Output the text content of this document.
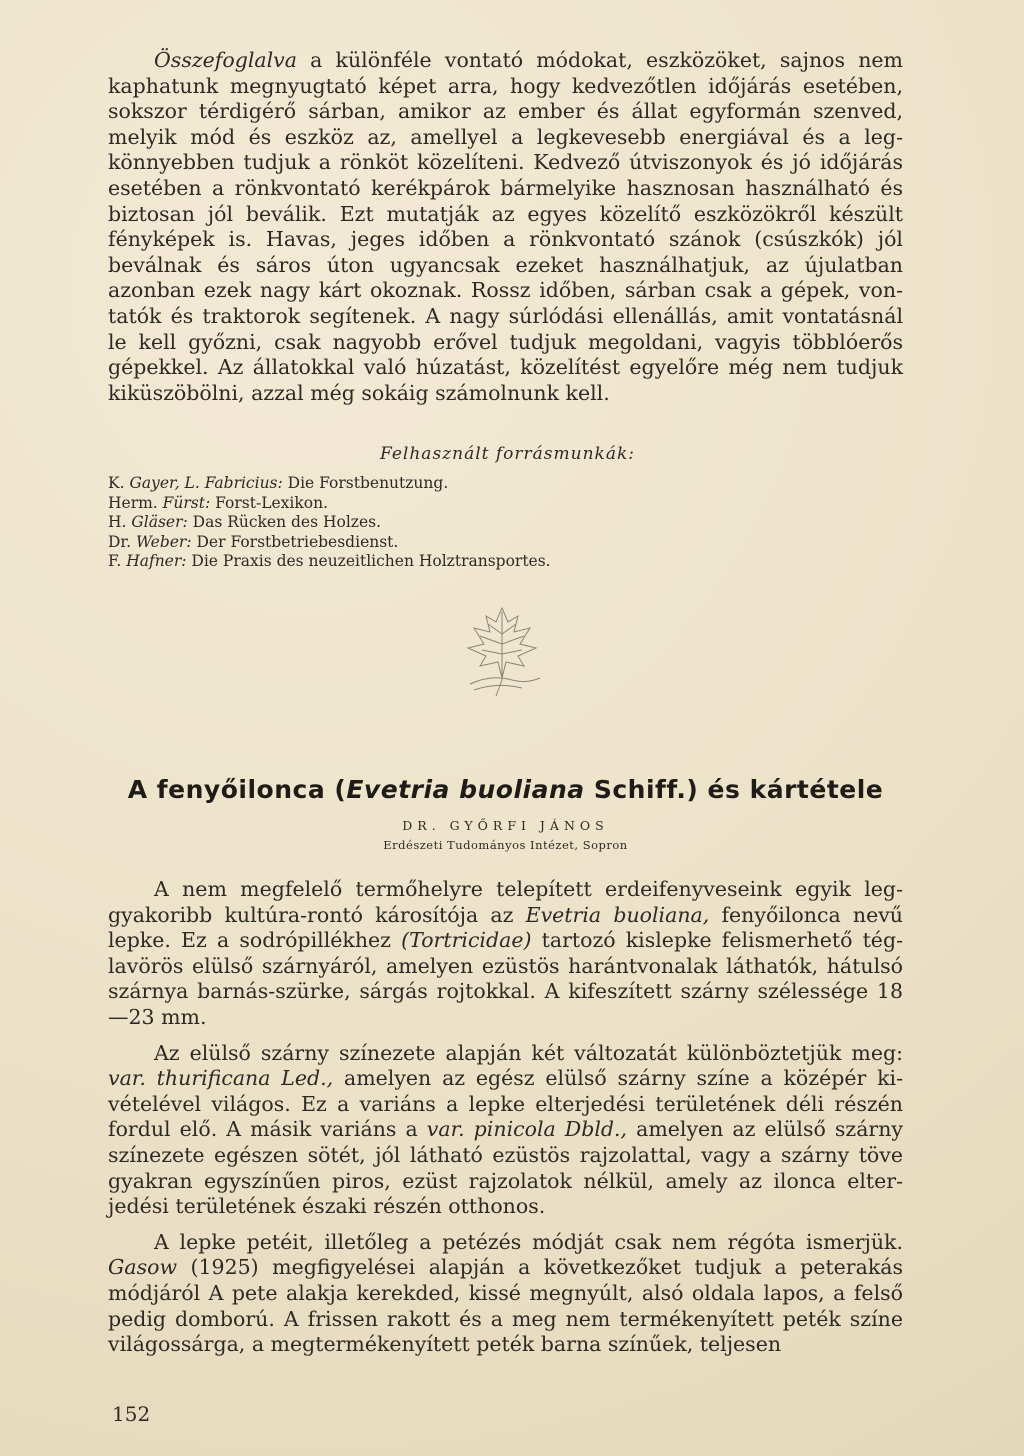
Összefoglalva a különféle vontató módokat, eszközöket, sajnos nem kaphatunk megnyugtató képet arra, hogy kedvezőtlen időjárás esetében, sokszor térdigérő sárban, amikor az ember és állat egyformán szenved, melyik mód és eszköz az, amellyel a legkevesebb energiával és a legkönnyebben tudjuk a rönköt közelíteni. Kedvező útviszonyok és jó időjárás esetében a rönkvontató kerékpárok bármelyike hasznosan használható és biztosan jól beválik. Ezt mutatják az egyes közelítő eszközökről készült fényképek is. Havas, jeges időben a rönkvontató szánok (csúszkók) jól beválnak és sáros úton ugyancsak ezeket használhatjuk, az újulatban azonban ezek nagy kárt okoznak. Rossz időben, sárban csak a gépek, vontatók és traktorok segítenek. A nagy súrlódási ellenállás, amit vontatásnál le kell győzni, csak nagyobb erővel tudjuk megoldani, vagyis többlóerős gépekkel. Az állatokkal való húzatást, közelítést egyelőre még nem tudjuk kiküszöbölni, azzal még sokáig számolnunk kell.

Felhasznált forrásmunkák:
K. Gayer, L. Fabricius: Die Forstbenutzung.
Herm. Fürst: Forst-Lexikon.
H. Gläser: Das Rücken des Holzes.
Dr. Weber: Der Forstbetriebesdienst.
F. Hafner: Die Praxis des neuzeitlichen Holztransportes.
A fenyőilonca (Evetria buoliana Schiff.) és kártétele
DR. GYŐRFI JÁNOS
Erdészeti Tudományos Intézet, Sopron

A nem megfelelő termőhelyre telepített erdeifenyveseink egyik leggyakoribb kultúra-rontó károsítója az Evetria buoliana, fenyőilonca nevű lepke. Ez a sodrópillékhez (Tortricidae) tartozó kislepke felismerhető téglavörös elülső szárnyáról, amelyen ezüstös harántvonalak láthatók, hátulsó szárnya barnás-szürke, sárgás rojtokkal. A kifeszített szárny szélessége 18—23 mm.

Az elülső szárny színezete alapján két változatát különböztetjük meg: var. thurificana Led., amelyen az egész elülső szárny színe a középér kivételével világos. Ez a variáns a lepke elterjedési területének déli részén fordul elő. A másik variáns a var. pinicola Dbld., amelyen az elülső szárny színezete egészen sötét, jól látható ezüstös rajzolattal, vagy a szárny töve gyakran egyszínűen piros, ezüst rajzolatok nélkül, amely az ilonca elterjedési területének északi részén otthonos.

A lepke petéit, illetőleg a petézés módját csak nem régóta ismerjük. Gasow (1925) megfigyelései alapján a következőket tudjuk a peterakás módjáról A pete alakja kerekded, kissé megnyúlt, alsó oldala lapos, a felső pedig domború. A frissen rakott és a meg nem termékenyített peték színe világossárga, a megtermékenyített peték barna színűek, teljesen

152
